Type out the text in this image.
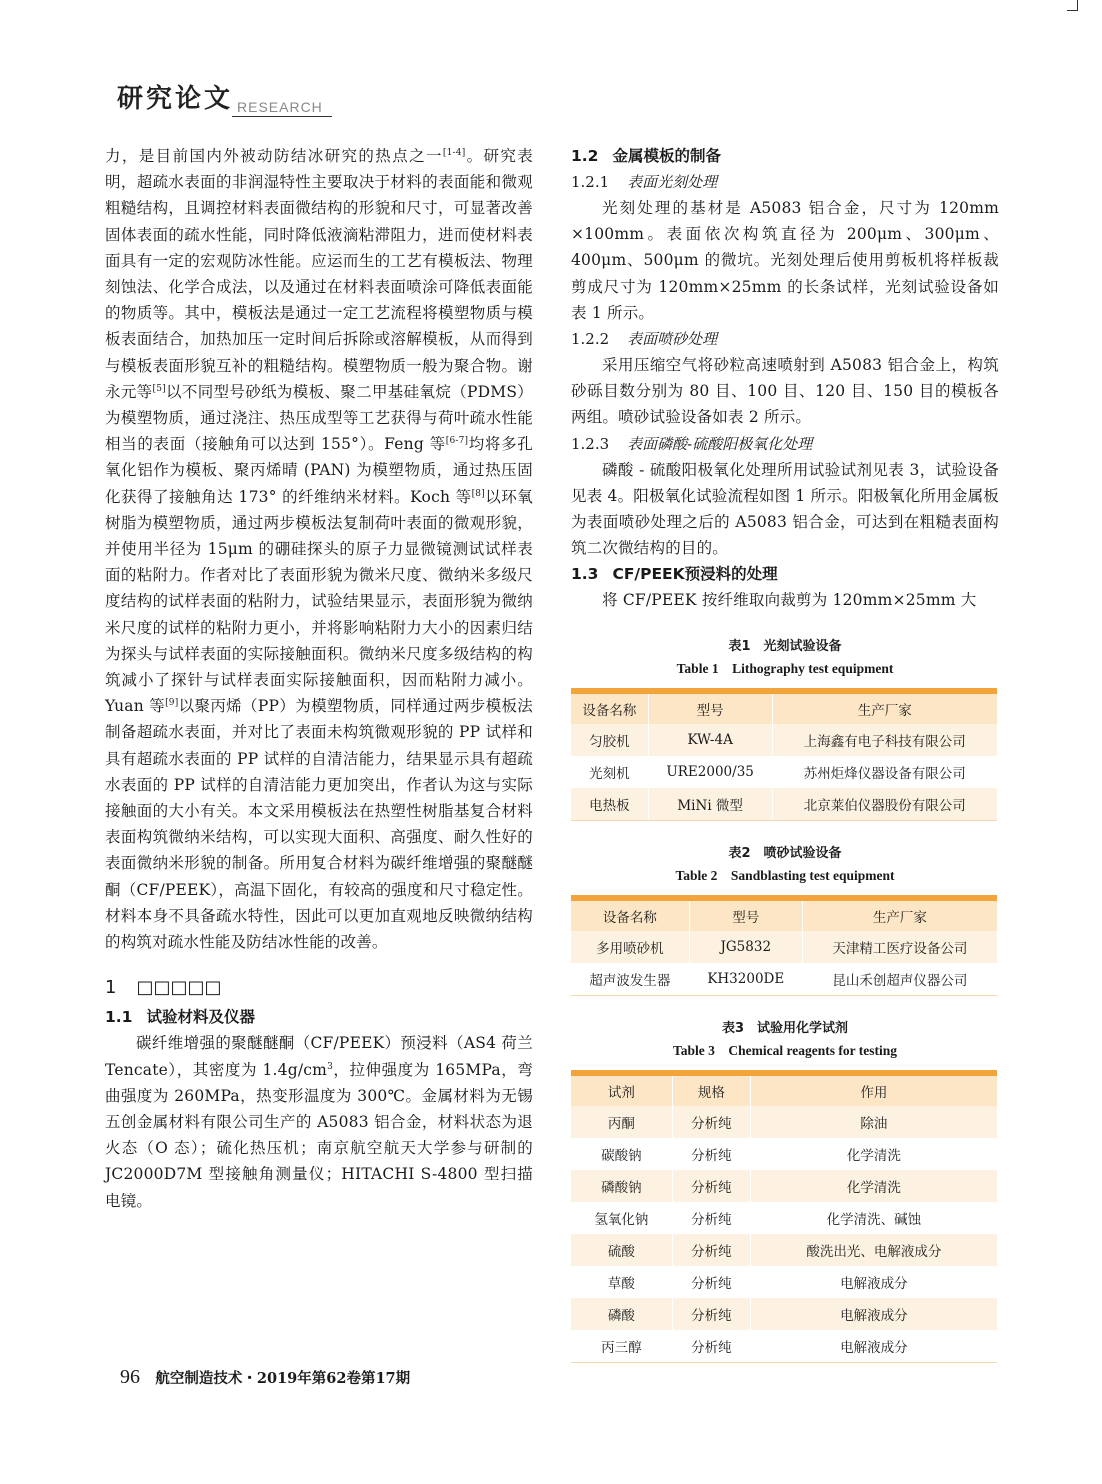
研究论文 RESEARCH

力，是目前国内外被动防结冰研究的热点之一[1-4]。研究表明，超疏水表面的非润湿特性主要取决于材料的表面能和微观粗糙结构，且调控材料表面微结构的形貌和尺寸，可显著改善固体表面的疏水性能，同时降低液滴粘滞阻力，进而使材料表面具有一定的宏观防冰性能。应运而生的工艺有模板法、物理刻蚀法、化学合成法，以及通过在材料表面喷涂可降低表面能的物质等。其中，模板法是通过一定工艺流程将模塑物质与模板表面结合，加热加压一定时间后拆除或溶解模板，从而得到与模板表面形貌互补的粗糙结构。模塑物质一般为聚合物。谢永元等[5]以不同型号砂纸为模板、聚二甲基硅氧烷（PDMS）为模塑物质，通过浇注、热压成型等工艺获得与荷叶疏水性能相当的表面（接触角可以达到 155°）。Feng 等[6-7]均将多孔氧化铝作为模板、聚丙烯晴 (PAN) 为模塑物质，通过热压固化获得了接触角达 173° 的纤维纳米材料。Koch 等[8]以环氧树脂为模塑物质，通过两步模板法复制荷叶表面的微观形貌，并使用半径为 15μm 的硼硅探头的原子力显微镜测试试样表面的粘附力。作者对比了表面形貌为微米尺度、微纳米多级尺度结构的试样表面的粘附力，试验结果显示，表面形貌为微纳米尺度的试样的粘附力更小，并将影响粘附力大小的因素归结为探头与试样表面的实际接触面积。微纳米尺度多级结构的构筑减小了探针与试样表面实际接触面积，因而粘附力减小。Yuan 等[9]以聚丙烯（PP）为模塑物质，同样通过两步模板法制备超疏水表面，并对比了表面未构筑微观形貌的 PP 试样和具有超疏水表面的 PP 试样的自清洁能力，结果显示具有超疏水表面的 PP 试样的自清洁能力更加突出，作者认为这与实际接触面的大小有关。本文采用模板法在热塑性树脂基复合材料表面构筑微纳米结构，可以实现大面积、高强度、耐久性好的表面微纳米形貌的制备。所用复合材料为碳纤维增强的聚醚醚酮（CF/PEEK），高温下固化，有较高的强度和尺寸稳定性。材料本身不具备疏水特性，因此可以更加直观地反映微纳结构的构筑对疏水性能及防结冰性能的改善。

1 □□□□□

1.1 试验材料及仪器

碳纤维增强的聚醚醚酮（CF/PEEK）预浸料（AS4 荷兰 Tencate），其密度为 $1.4g/cm^3$，拉伸强度为 165MPa，弯曲强度为 260MPa，热变形温度为 300℃。金属材料为无锡五创金属材料有限公司生产的 A5083 铝合金，材料状态为退火态（O 态）；硫化热压机；南京航空航天大学参与研制的 JC2000D7M 型接触角测量仪；HITACHI S-4800 型扫描电镜。

1.2 金属模板的制备

1.2.1 表面光刻处理

光刻处理的基材是 A5083 铝合金，尺寸为 120mm ×100mm。表面依次构筑直径为 200μm、300μm、400μm、500μm 的微坑。光刻处理后使用剪板机将样板裁剪成尺寸为 120mm×25mm 的长条试样，光刻试验设备如表 1 所示。

1.2.2 表面喷砂处理

采用压缩空气将砂粒高速喷射到 A5083 铝合金上，构筑砂砾目数分别为 80 目、100 目、120 目、150 目的模板各两组。喷砂试验设备如表 2 所示。

1.2.3 表面磷酸-硫酸阳极氧化处理

磷酸 - 硫酸阳极氧化处理所用试验试剂见表 3，试验设备见表 4。阳极氧化试验流程如图 1 所示。阳极氧化所用金属板为表面喷砂处理之后的 A5083 铝合金，可达到在粗糙表面构筑二次微结构的目的。

1.3 CF/PEEK预浸料的处理

将 CF/PEEK 按纤维取向裁剪为 120mm×25mm 大

表1　光刻试验设备
Table 1　Lithography test equipment
设备名称	型号	生产厂家
匀胶机	KW-4A	上海鑫有电子科技有限公司
光刻机	URE2000/35	苏州炬烽仪器设备有限公司
电热板	MiNi 微型	北京莱伯仪器股份有限公司
表2　喷砂试验设备
Table 2　Sandblasting test equipment
设备名称	型号	生产厂家
多用喷砂机	JG5832	天津精工医疗设备公司
超声波发生器	KH3200DE	昆山禾创超声仪器公司
表3　试验用化学试剂
Table 3　Chemical reagents for testing
试剂	规格	作用
丙酮	分析纯	除油
碳酸钠	分析纯	化学清洗
磷酸钠	分析纯	化学清洗
氢氧化钠	分析纯	化学清洗、碱蚀
硫酸	分析纯	酸洗出光、电解液成分
草酸	分析纯	电解液成分
磷酸	分析纯	电解液成分
丙三醇	分析纯	电解液成分
96 航空制造技术・2019年第62卷第17期
